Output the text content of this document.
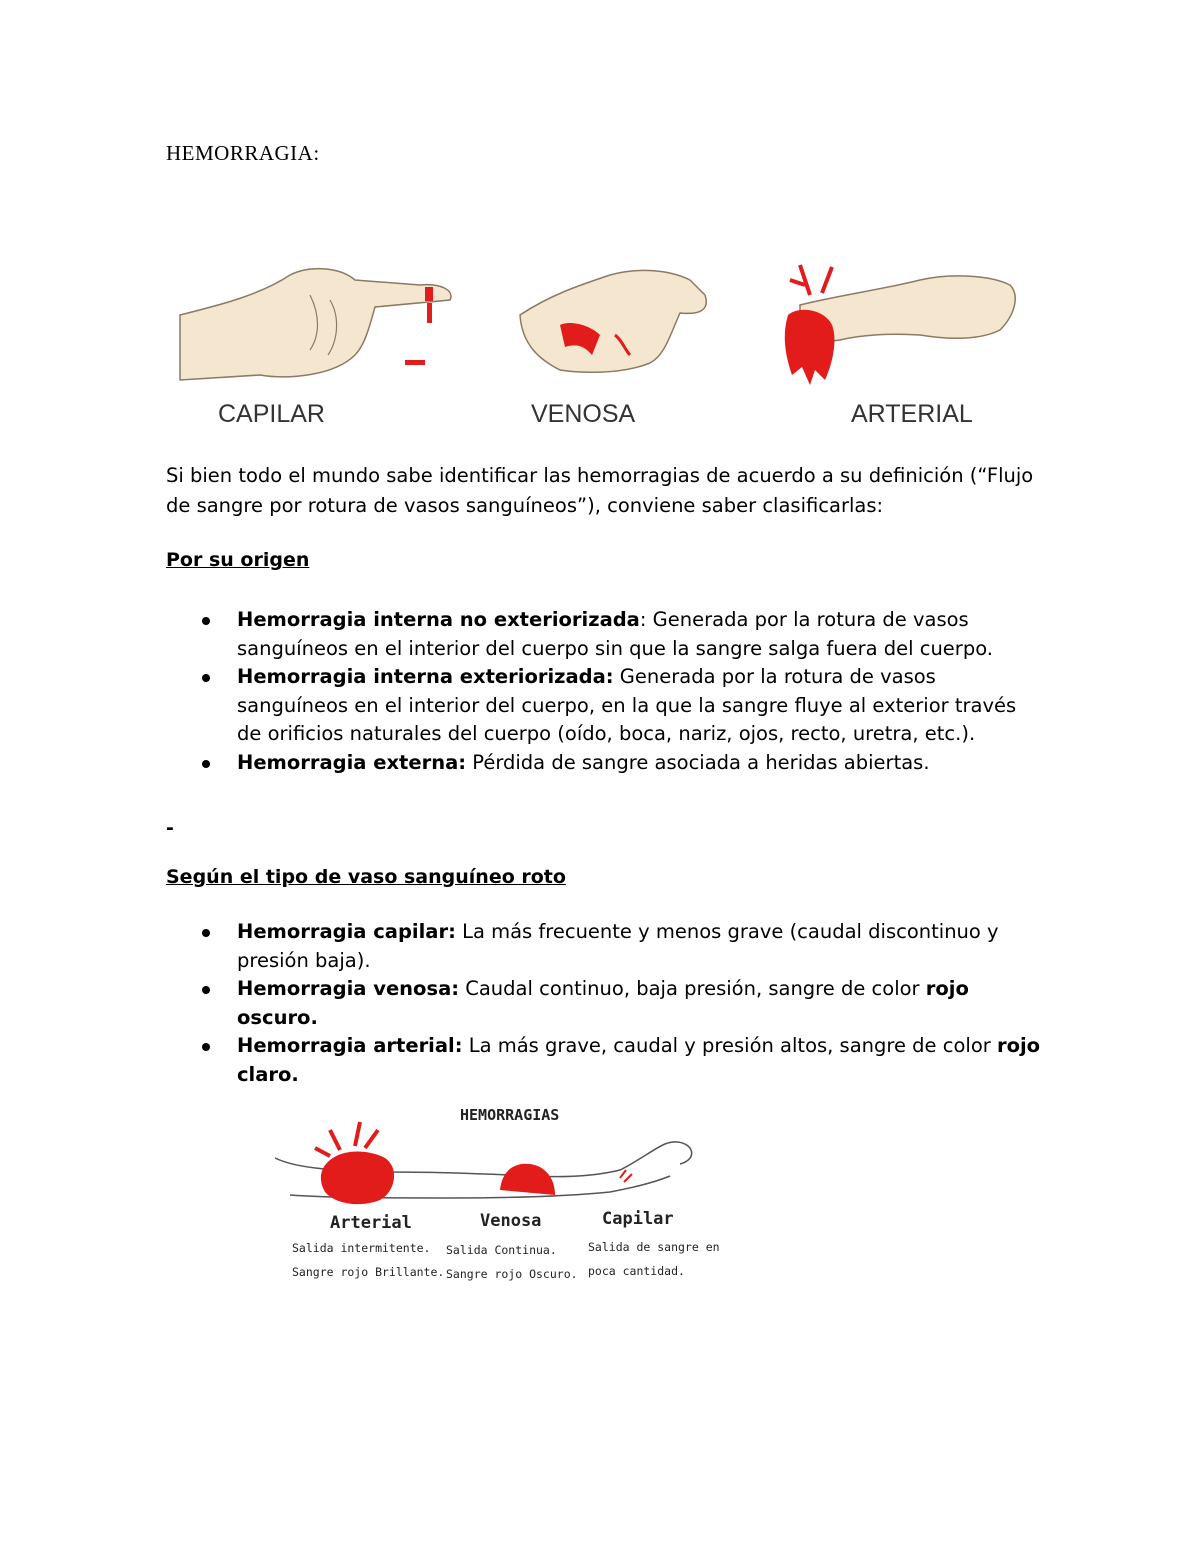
HEMORRAGIA:
CAPILAR	VENOSA	ARTERIAL
Si bien todo el mundo sabe identificar las hemorragias de acuerdo a su definición (“Flujo de sangre por rotura de vasos sanguíneos”), conviene saber clasificarlas:
Por su origen
Hemorragia interna no exteriorizada: Generada por la rotura de vasos sanguíneos en el interior del cuerpo sin que la sangre salga fuera del cuerpo.
Hemorragia interna exteriorizada: Generada por la rotura de vasos sanguíneos en el interior del cuerpo, en la que la sangre fluye al exterior través de orificios naturales del cuerpo (oído, boca, nariz, ojos, recto, uretra, etc.).
Hemorragia externa: Pérdida de sangre asociada a heridas abiertas.
-
Según el tipo de vaso sanguíneo roto
Hemorragia capilar: La más frecuente y menos grave (caudal discontinuo y presión baja).
Hemorragia venosa: Caudal continuo, baja presión, sangre de color rojo oscuro.
Hemorragia arterial: La más grave, caudal y presión altos, sangre de color rojo claro.
HEMORRAGIAS
Arterial
Salida intermitente.
Sangre rojo Brillante.
Venosa
Salida Continua.
Sangre rojo Oscuro.
Capilar
Salida de sangre en
poca cantidad.
